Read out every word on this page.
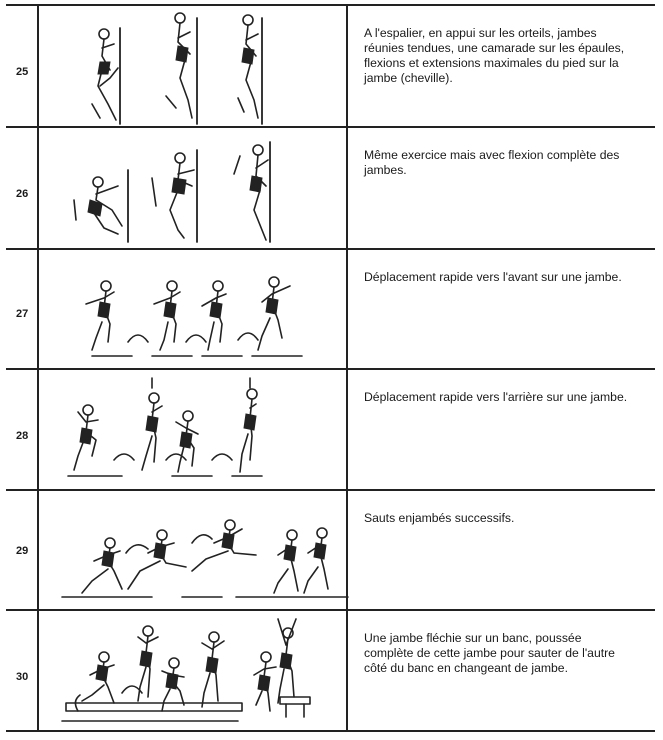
25
A l'espalier, en appui sur les orteils, jambes réunies tendues, une camarade sur les épaules, flexions et extensions maximales du pied sur la jambe (cheville).
26
Même exercice mais avec flexion complète des jambes.
27
Déplacement rapide vers l'avant sur une jambe.
28
Déplacement rapide vers l'arrière sur une jambe.
29
Sauts enjambés successifs.
30
Une jambe fléchie sur un banc, poussée complète de cette jambe pour sauter de l'autre côté du banc en changeant de jambe.
